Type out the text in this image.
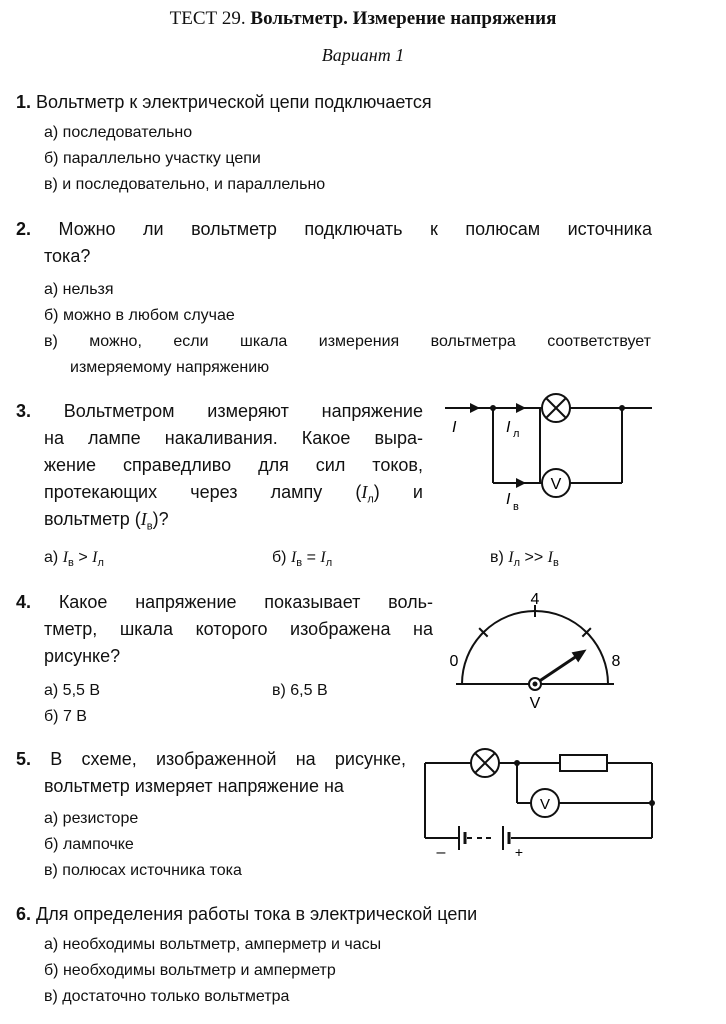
ТЕСТ 29. Вольтметр. Измерение напряжения
Вариант 1
1. Вольтметр к электрической цепи подключается
а) последовательно
б) параллельно участку цепи
в) и последовательно, и параллельно
2. Можно ли вольтметр подключать к полюсам источника
тока?
а) нельзя
б) можно в любом случае
в) можно, если шкала измерения вольтметра соответствует
измеряемому напряжению
3. Вольтметром измеряют напряжение
на лампе накаливания. Какое выра-
жение справедливо для сил токов,
протекающих через лампу $(I_л)$ и
вольтметр $(I_в)$?
а) $I_в > I_л$	б) $I_в = I_л$	в) $I_л >> I_в$
V
I	I л
I в
4. Какое напряжение показывает воль-
тметр, шкала которого изображена на
рисунке?
а) 5,5 В	в) 6,5 В
б) 7 В
0
4
8
V
5. В схеме, изображенной на рисунке,
вольтметр измеряет напряжение на
а) резисторе
б) лампочке
в) полюсах источника тока
V
–	+
6. Для определения работы тока в электрической цепи
а) необходимы вольтметр, амперметр и часы
б) необходимы вольтметр и амперметр
в) достаточно только вольтметра
